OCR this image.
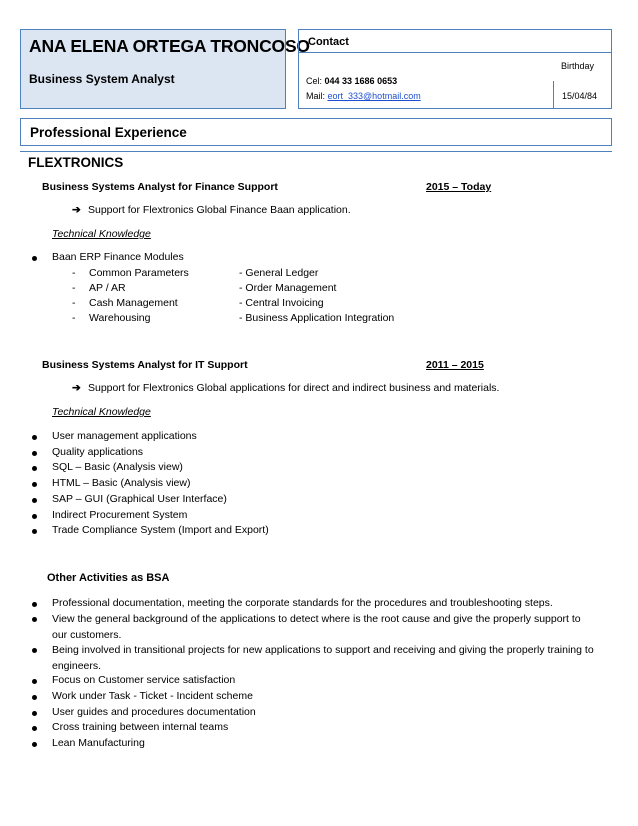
ANA ELENA ORTEGA TRONCOSO
Business System Analyst
Contact
Birthday
Cel: 044 33 1686 0653
Mail: eort_333@hotmail.com	15/04/84
Professional Experience
FLEXTRONICS
Business Systems Analyst for Finance Support	2015 – Today
➔ Support for Flextronics Global Finance Baan application.
Technical Knowledge
Baan ERP Finance Modules
- Common Parameters	- General Ledger
- AP / AR	- Order Management
- Cash Management	- Central Invoicing
- Warehousing	- Business Application Integration
Business Systems Analyst for IT Support	2011 – 2015
➔ Support for Flextronics Global applications for direct and indirect business and materials.
Technical Knowledge
User management applications
Quality applications
SQL – Basic (Analysis view)
HTML – Basic (Analysis view)
SAP – GUI (Graphical User Interface)
Indirect Procurement System
Trade Compliance System (Import and Export)
Other Activities as BSA
Professional documentation, meeting the corporate standards for the procedures and troubleshooting steps.
View the general background of the applications to detect where is the root cause and give the properly support to our customers.
Being involved in transitional projects for new applications to support and receiving and giving the properly training to engineers.
Focus on Customer service satisfaction
Work under Task - Ticket - Incident scheme
User guides and procedures documentation
Cross training between internal teams
Lean Manufacturing
